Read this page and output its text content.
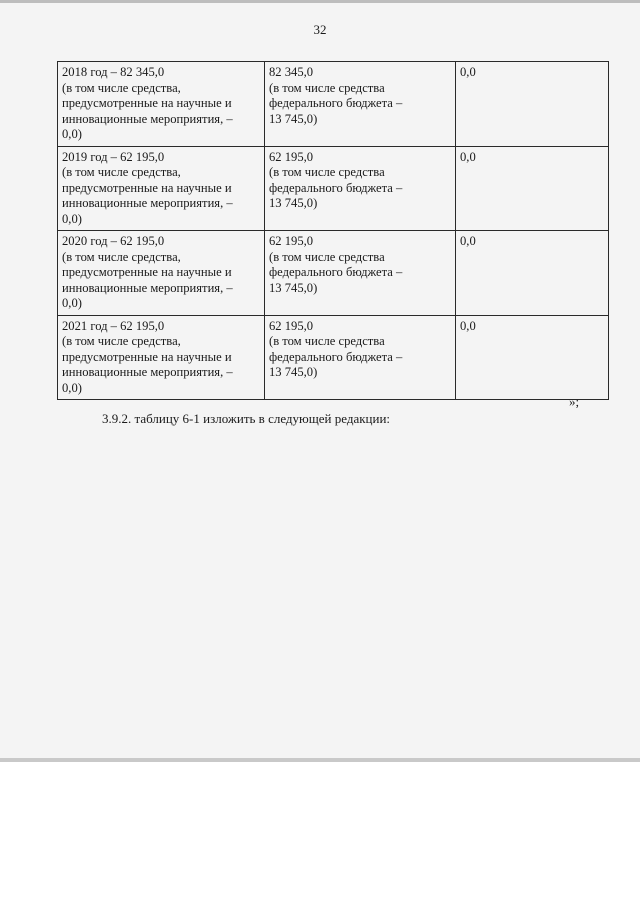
32
2018 год – 82 345,0
(в том числе средства,
предусмотренные на научные и
инновационные мероприятия, –
0,0)	82 345,0
(в том числе средства
федерального бюджета –
13 745,0)	0,0

2019 год – 62 195,0
(в том числе средства,
предусмотренные на научные и
инновационные мероприятия, –
0,0)	62 195,0
(в том числе средства
федерального бюджета –
13 745,0)	0,0

2020 год – 62 195,0
(в том числе средства,
предусмотренные на научные и
инновационные мероприятия, –
0,0)	62 195,0
(в том числе средства
федерального бюджета –
13 745,0)	0,0

2021 год – 62 195,0
(в том числе средства,
предусмотренные на научные и
инновационные мероприятия, –
0,0)	62 195,0
(в том числе средства
федерального бюджета –
13 745,0)	0,0
»;
3.9.2. таблицу 6-1 изложить в следующей редакции:
